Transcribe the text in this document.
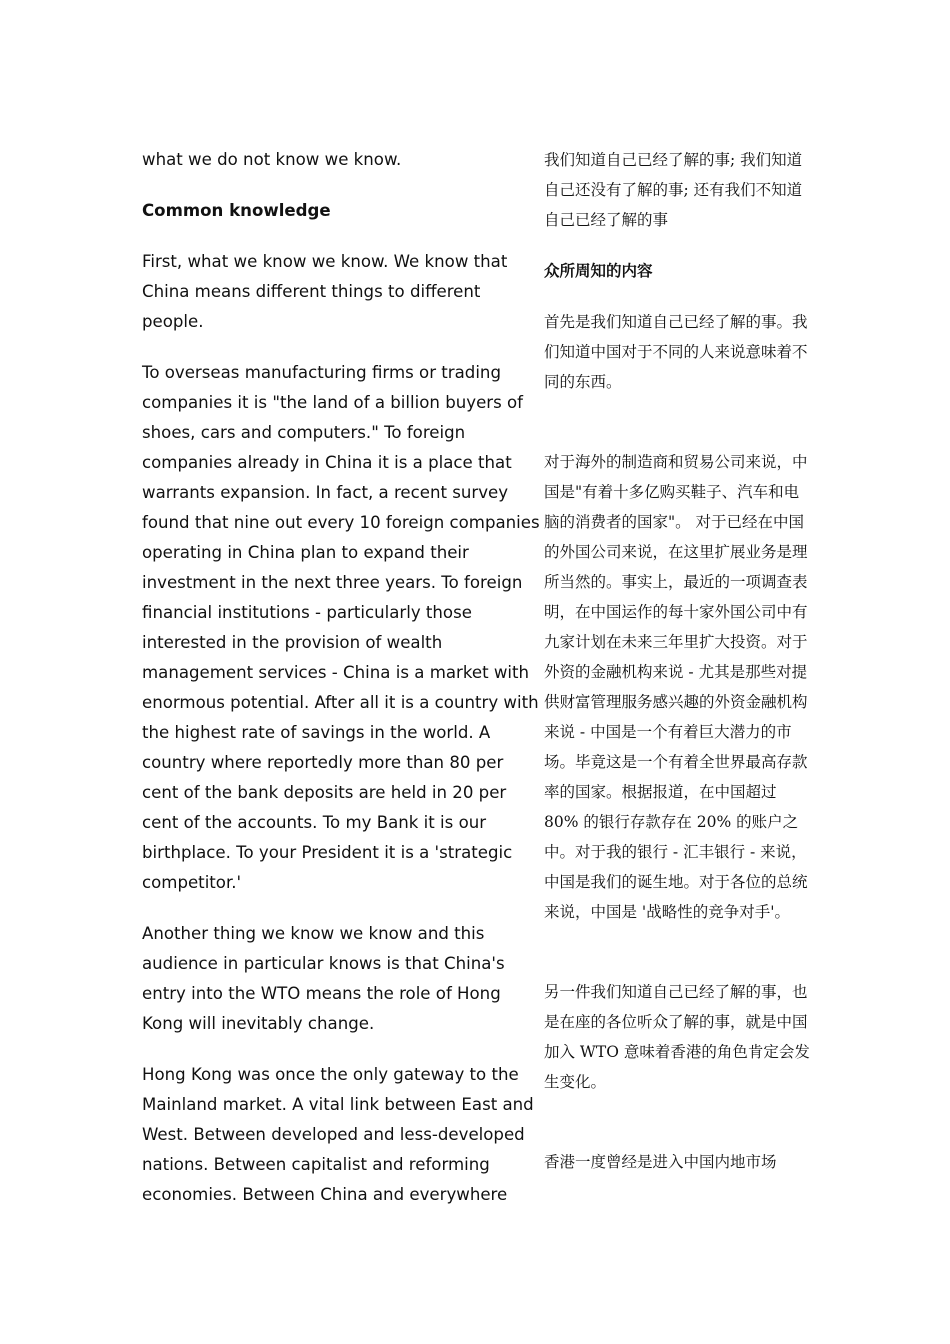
what we do not know we know.

Common knowledge

First, what we know we know. We know that China means different things to different people.

To overseas manufacturing firms or trading companies it is "the land of a billion buyers of shoes, cars and computers." To foreign companies already in China it is a place that warrants expansion. In fact, a recent survey found that nine out every 10 foreign companies operating in China plan to expand their investment in the next three years. To foreign financial institutions - particularly those interested in the provision of wealth management services - China is a market with enormous potential. After all it is a country with the highest rate of savings in the world. A country where reportedly more than 80 per cent of the bank deposits are held in 20 per cent of the accounts. To my Bank it is our birthplace. To your President it is a 'strategic competitor.'

Another thing we know we know and this audience in particular knows is that China's entry into the WTO means the role of Hong Kong will inevitably change.

Hong Kong was once the only gateway to the Mainland market. A vital link between East and West. Between developed and less-developed nations. Between capitalist and reforming economies. Between China and everywhere

我们知道自己已经了解的事; 我们知道自己还没有了解的事; 还有我们不知道自己已经了解的事

众所周知的内容

首先是我们知道自己已经了解的事。我们知道中国对于不同的人来说意味着不同的东西。

对于海外的制造商和贸易公司来说，中国是"有着十多亿购买鞋子、汽车和电脑的消费者的国家"。 对于已经在中国的外国公司来说，在这里扩展业务是理所当然的。事实上，最近的一项调查表明，在中国运作的每十家外国公司中有九家计划在未来三年里扩大投资。对于外资的金融机构来说 - 尤其是那些对提供财富管理服务感兴趣的外资金融机构来说 - 中国是一个有着巨大潜力的市场。毕竟这是一个有着全世界最高存款率的国家。根据报道，在中国超过 80% 的银行存款存在 20% 的账户之中。对于我的银行 - 汇丰银行 - 来说，中国是我们的诞生地。对于各位的总统来说，中国是 '战略性的竞争对手'。

另一件我们知道自己已经了解的事，也是在座的各位听众了解的事，就是中国加入 WTO 意味着香港的角色肯定会发生变化。

香港一度曾经是进入中国内地市场
